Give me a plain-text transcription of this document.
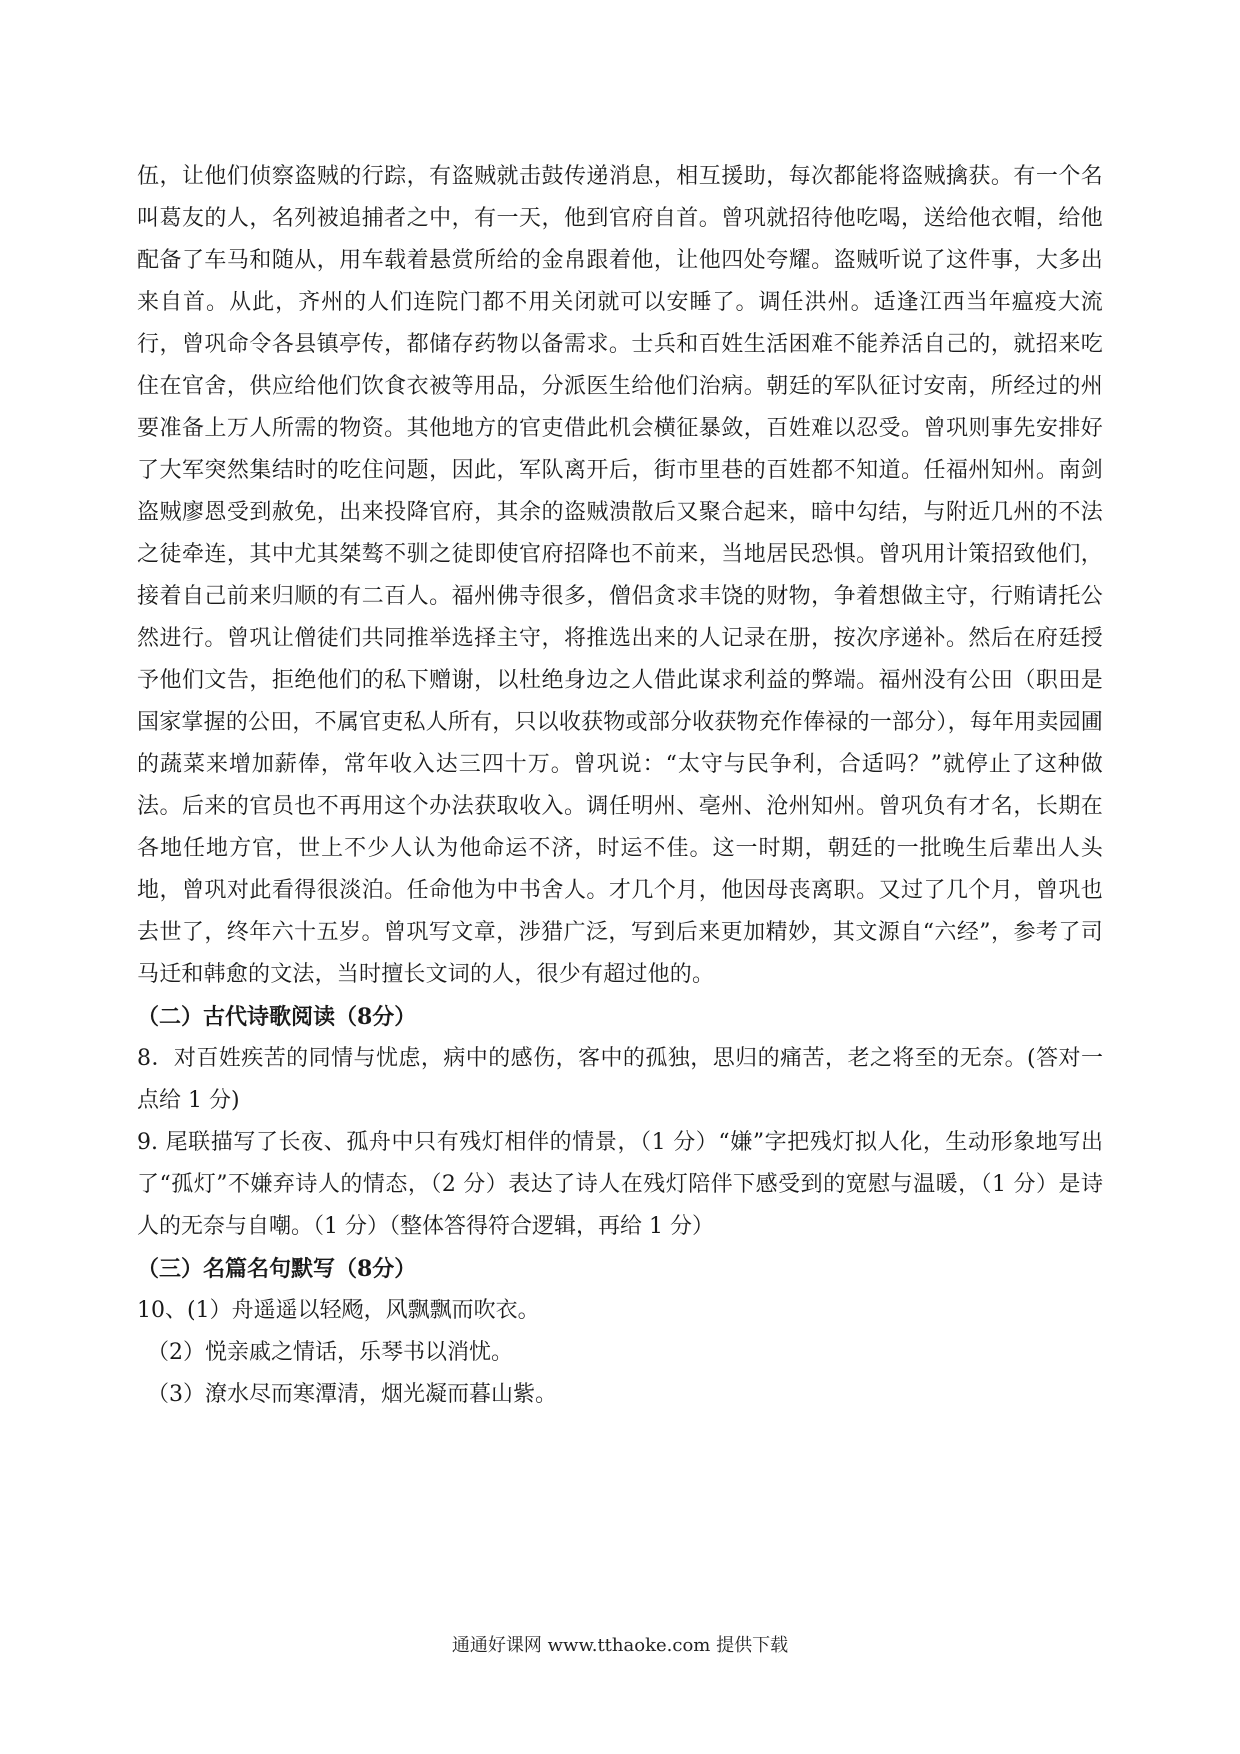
伍，让他们侦察盗贼的行踪，有盗贼就击鼓传递消息，相互援助，每次都能将盗贼擒获。有一个名叫葛友的人，名列被追捕者之中，有一天，他到官府自首。曾巩就招待他吃喝，送给他衣帽，给他配备了车马和随从，用车载着悬赏所给的金帛跟着他，让他四处夸耀。盗贼听说了这件事，大多出来自首。从此，齐州的人们连院门都不用关闭就可以安睡了。调任洪州。适逢江西当年瘟疫大流行，曾巩命令各县镇亭传，都储存药物以备需求。士兵和百姓生活困难不能养活自己的，就招来吃住在官舍，供应给他们饮食衣被等用品，分派医生给他们治病。朝廷的军队征讨安南，所经过的州要准备上万人所需的物资。其他地方的官吏借此机会横征暴敛，百姓难以忍受。曾巩则事先安排好了大军突然集结时的吃住问题，因此，军队离开后，街市里巷的百姓都不知道。任福州知州。南剑盗贼廖恩受到赦免，出来投降官府，其余的盗贼溃散后又聚合起来，暗中勾结，与附近几州的不法之徒牵连，其中尤其桀骜不驯之徒即使官府招降也不前来，当地居民恐惧。曾巩用计策招致他们，接着自己前来归顺的有二百人。福州佛寺很多，僧侣贪求丰饶的财物，争着想做主守，行贿请托公然进行。曾巩让僧徒们共同推举选择主守，将推选出来的人记录在册，按次序递补。然后在府廷授予他们文告，拒绝他们的私下赠谢，以杜绝身边之人借此谋求利益的弊端。福州没有公田（职田是国家掌握的公田，不属官吏私人所有，只以收获物或部分收获物充作俸禄的一部分），每年用卖园圃的蔬菜来增加薪俸，常年收入达三四十万。曾巩说：“太守与民争利，合适吗？”就停止了这种做法。后来的官员也不再用这个办法获取收入。调任明州、亳州、沧州知州。曾巩负有才名，长期在各地任地方官，世上不少人认为他命运不济，时运不佳。这一时期，朝廷的一批晚生后辈出人头地，曾巩对此看得很淡泊。任命他为中书舍人。才几个月，他因母丧离职。又过了几个月，曾巩也去世了，终年六十五岁。曾巩写文章，涉猎广泛，写到后来更加精妙，其文源自“六经”，参考了司马迁和韩愈的文法，当时擅长文词的人，很少有超过他的。

（二）古代诗歌阅读（8分）

8．对百姓疾苦的同情与忧虑，病中的感伤，客中的孤独，思归的痛苦，老之将至的无奈。(答对一点给 1 分)

9. 尾联描写了长夜、孤舟中只有残灯相伴的情景，（1 分）“嫌”字把残灯拟人化，生动形象地写出了“孤灯”不嫌弃诗人的情态，（2 分）表达了诗人在残灯陪伴下感受到的宽慰与温暖，（1 分）是诗人的无奈与自嘲。（1 分）（整体答得符合逻辑，再给 1 分）

（三）名篇名句默写（8分）

10、(1）舟遥遥以轻飏，风飘飘而吹衣。

（2）悦亲戚之情话，乐琴书以消忧。

（3）潦水尽而寒潭清，烟光凝而暮山紫。

通通好课网 www.tthaoke.com 提供下载
